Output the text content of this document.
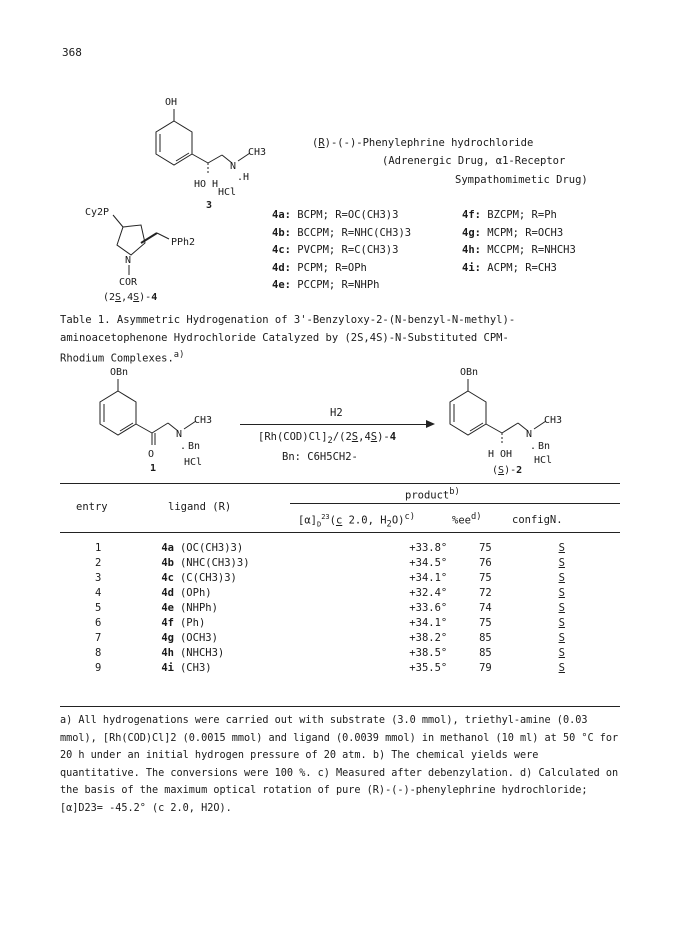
368
OH
N
CH3
. H
HO H
HCl
3
(R)-(-)-Phenylephrine hydrochloride
(Adrenergic Drug, α1-Receptor
Sympathomimetic Drug)
Cy2P
PPh2
N
COR
(2S,4S)-4
4a: BCPM; R=OC(CH3)3
4b: BCCPM; R=NHC(CH3)3
4c: PVCPM; R=C(CH3)3
4d: PCPM; R=OPh
4e: PCCPM; R=NHPh
4f: BZCPM; R=Ph
4g: MCPM; R=OCH3
4h: MCCPM; R=NHCH3
4i: ACPM; R=CH3
Table 1. Asymmetric Hydrogenation of 3'-Benzyloxy-2-(N-benzyl-N-methyl)-
aminoacetophenone Hydrochloride Catalyzed by (2S,4S)-N-Substituted CPM-
Rhodium Complexes.$^{a)}$
OBn
O
N
CH3
. Bn
HCl
1
H2
$[Rh(COD)Cl]_2/(2S,4S)-4$
Bn: C6H5CH2-
OBn
N
CH3
. Bn
H OH
HCl
(S)-2
product$^{b)}$
entry	ligand (R)
$[\alpha]_D^{23}(c$ 2.0, $H_2O)^{c)}$	$\%ee^{d)}$	configN.
1	4a	(OC(CH3)3)	+33.8°	75	S
2	4b	(NHC(CH3)3)	+34.5°	76	S
3	4c	(C(CH3)3)	+34.1°	75	S
4	4d	(OPh)	+32.4°	72	S
5	4e	(NHPh)	+33.6°	74	S
6	4f	(Ph)	+34.1°	75	S
7	4g	(OCH3)	+38.2°	85	S
8	4h	(NHCH3)	+38.5°	85	S
9	4i	(CH3)	+35.5°	79	S
a) All hydrogenations were carried out with substrate (3.0 mmol), triethyl-amine (0.03 mmol), [Rh(COD)Cl]2 (0.0015 mmol) and ligand (0.0039 mmol) in methanol (10 ml) at 50 °C for 20 h under an initial hydrogen pressure of 20 atm. b) The chemical yields were quantitative. The conversions were 100 %. c) Measured after debenzylation. d) Calculated on the basis of the maximum optical rotation of pure (R)-(-)-phenylephrine hydrochloride; [α]D23= -45.2° (c 2.0, H2O).
